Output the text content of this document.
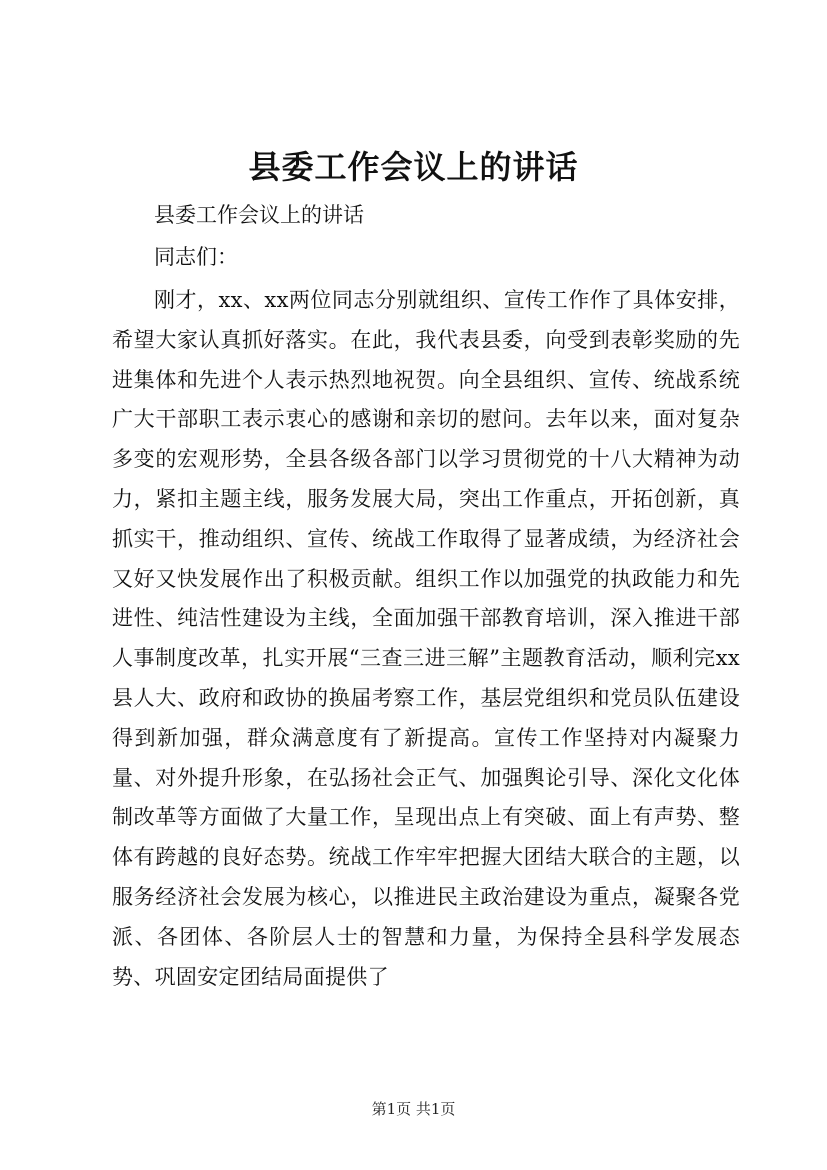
县委工作会议上的讲话

县委工作会议上的讲话

同志们：

刚才，xx、xx两位同志分别就组织、宣传工作作了具体安排，希望大家认真抓好落实。在此，我代表县委，向受到表彰奖励的先进集体和先进个人表示热烈地祝贺。向全县组织、宣传、统战系统广大干部职工表示衷心的感谢和亲切的慰问。去年以来，面对复杂多变的宏观形势，全县各级各部门以学习贯彻党的十八大精神为动力，紧扣主题主线，服务发展大局，突出工作重点，开拓创新，真抓实干，推动组织、宣传、统战工作取得了显著成绩，为经济社会又好又快发展作出了积极贡献。组织工作以加强党的执政能力和先进性、纯洁性建设为主线，全面加强干部教育培训，深入推进干部人事制度改革，扎实开展“三查三进三解”主题教育活动，顺利完xx县人大、政府和政协的换届考察工作，基层党组织和党员队伍建设得到新加强，群众满意度有了新提高。宣传工作坚持对内凝聚力量、对外提升形象，在弘扬社会正气、加强舆论引导、深化文化体制改革等方面做了大量工作，呈现出点上有突破、面上有声势、整体有跨越的良好态势。统战工作牢牢把握大团结大联合的主题，以服务经济社会发展为核心，以推进民主政治建设为重点，凝聚各党派、各团体、各阶层人士的智慧和力量，为保持全县科学发展态势、巩固安定团结局面提供了

第1页 共1页
